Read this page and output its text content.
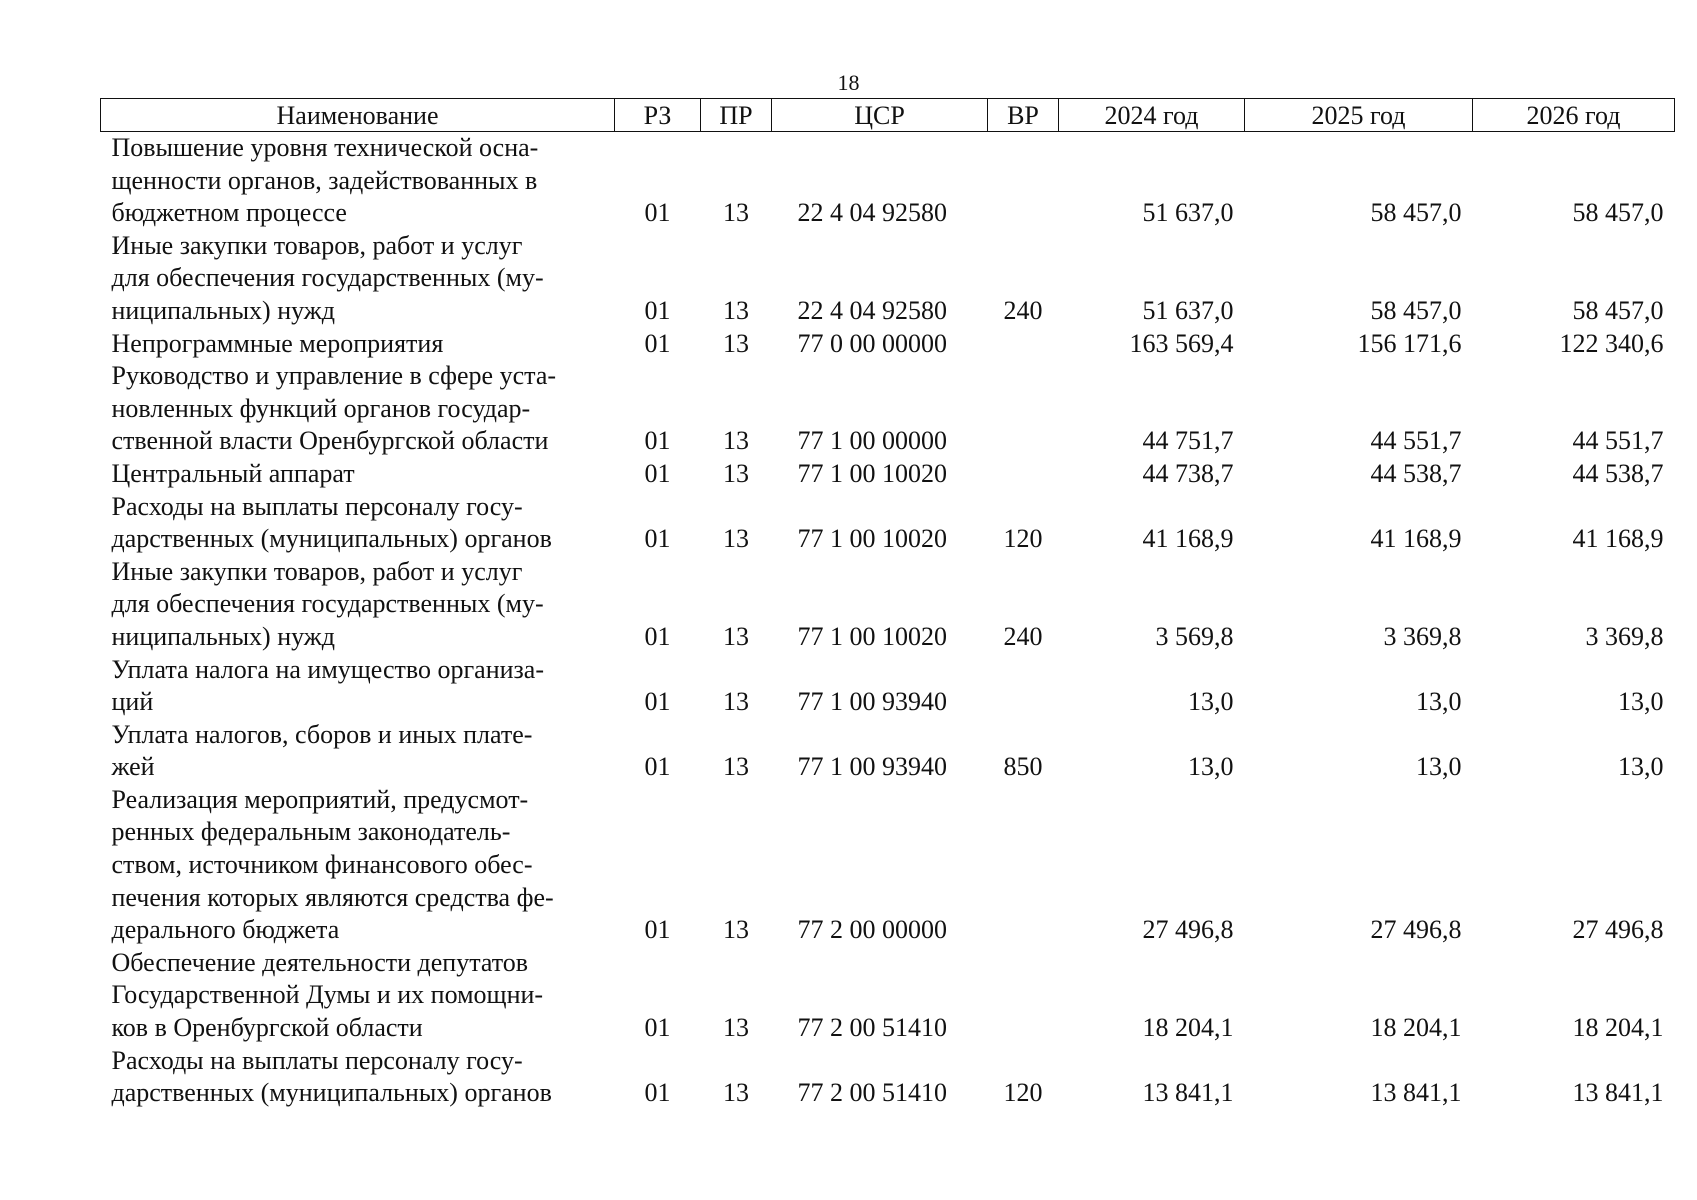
18
Наименование	РЗ	ПР	ЦСР	ВР	2024 год	2025 год	2026 год

Повышение уровня технической осна-
щенности органов, задействованных в
бюджетном процессе	01	13	22 4 04 92580		51 637,0	58 457,0	58 457,0

Иные закупки товаров, работ и услуг
для обеспечения государственных (му-
ниципальных) нужд	01	13	22 4 04 92580	240	51 637,0	58 457,0	58 457,0

Непрограммные мероприятия	01	13	77 0 00 00000		163 569,4	156 171,6	122 340,6

Руководство и управление в сфере уста-
новленных функций органов государ-
ственной власти Оренбургской области	01	13	77 1 00 00000		44 751,7	44 551,7	44 551,7

Центральный аппарат	01	13	77 1 00 10020		44 738,7	44 538,7	44 538,7

Расходы на выплаты персоналу госу-
дарственных (муниципальных) органов	01	13	77 1 00 10020	120	41 168,9	41 168,9	41 168,9

Иные закупки товаров, работ и услуг
для обеспечения государственных (му-
ниципальных) нужд	01	13	77 1 00 10020	240	3 569,8	3 369,8	3 369,8

Уплата налога на имущество организа-
ций	01	13	77 1 00 93940		13,0	13,0	13,0

Уплата налогов, сборов и иных плате-
жей	01	13	77 1 00 93940	850	13,0	13,0	13,0

Реализация мероприятий, предусмот-
ренных федеральным законодатель-
ством, источником финансового обес-
печения которых являются средства фе-
дерального бюджета	01	13	77 2 00 00000		27 496,8	27 496,8	27 496,8

Обеспечение деятельности депутатов
Государственной Думы и их помощни-
ков в Оренбургской области	01	13	77 2 00 51410		18 204,1	18 204,1	18 204,1

Расходы на выплаты персоналу госу-
дарственных (муниципальных) органов	01	13	77 2 00 51410	120	13 841,1	13 841,1	13 841,1
